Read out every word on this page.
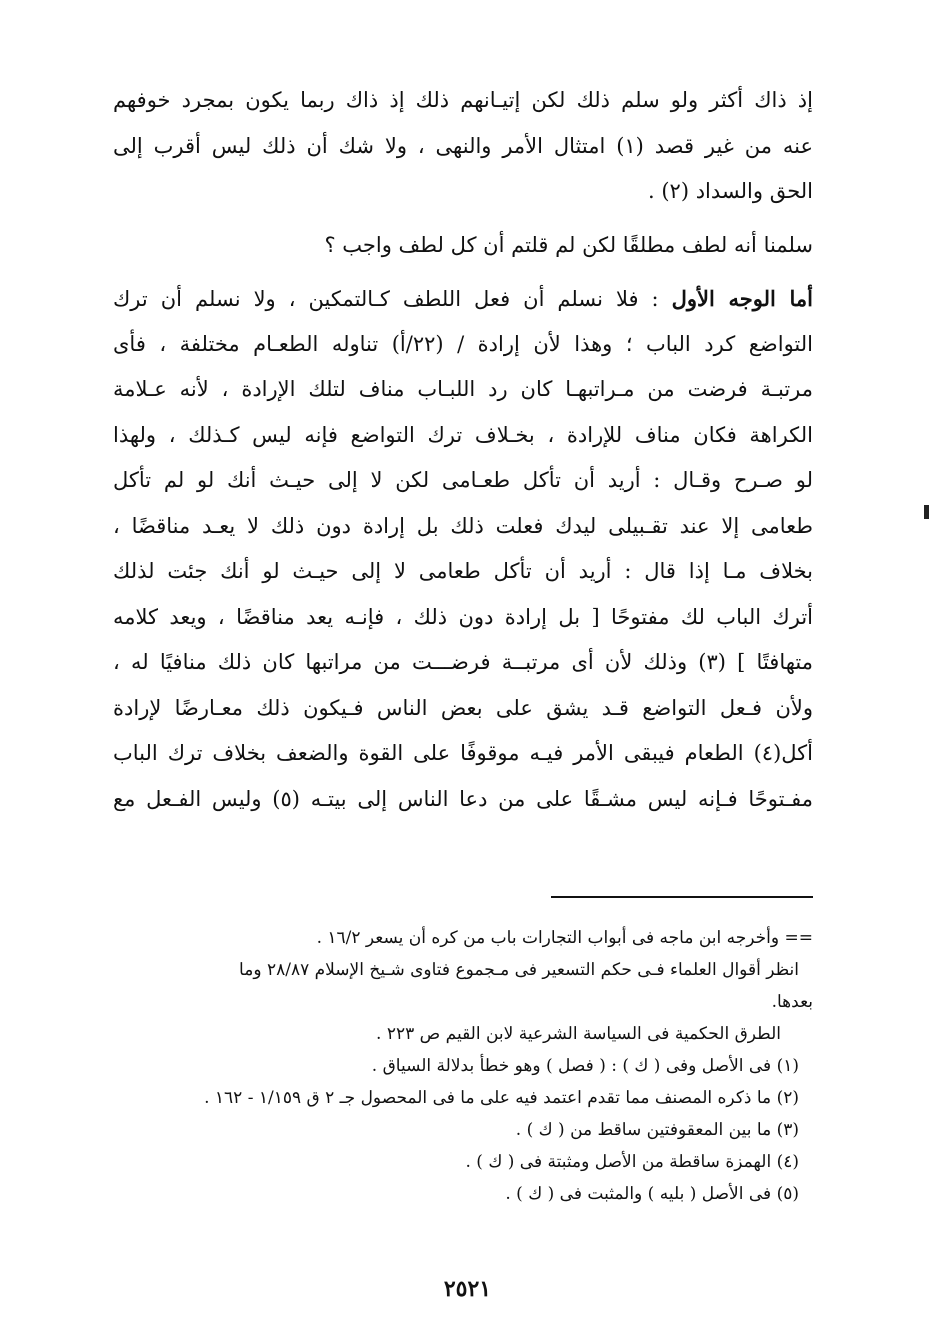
إذ ذاك أكثر ولو سلم ذلك لكن إتيـانهم ذلك إذ ذاك ربما يكون بمجرد خوفهم
عنه من غير قصد (١) امتثال الأمر والنهى ، ولا شك أن ذلك ليس أقرب إلى
الحق والسداد (٢) .
سلمنا أنه لطف مطلقًا لكن لم قلتم أن كل لطف واجب ؟
أما الوجه الأول : فلا نسلم أن فعل اللطف كـالتمكين ، ولا نسلم أن ترك
التواضع كرد الباب ؛ وهذا لأن إرادة / (٢٢/أ) تناوله الطعـام مختلفة ، فأى
مرتبـة فرضت من مـراتبهـا كان رد اللبـاب مناف لتلك الإرادة ، لأنه عـلامة
الكراهة فكان مناف للإرادة ، بخـلاف ترك التواضع فإنه ليس كـذلك ، ولهذا
لو صـرح وقـال : أريد أن تأكل طعـامى لكن لا إلى حيـث أنك لو لم تأكل
طعامى إلا عند تقـبيلى ليدك فعلت ذلك بل إرادة دون ذلك لا يعـد مناقضًا ،
بخلاف مـا إذا قال : أريد أن تأكل طعامى لا إلى حيـث لو أنك جئت لذلك
أترك الباب لك مفتوحًا [ بل إرادة دون ذلك ، فإنـه يعد مناقضًا ، ويعد كلامه
متهافتًا ] (٣) وذلك لأن أى مرتبــة فرضـــت من مراتبها كان ذلك منافيًا له ،
ولأن فـعل التواضع قـد يشق على بعض الناس فـيكون ذلك معـارضًا لإرادة
أكل(٤) الطعام فيبقى الأمر فيـه موقوفًا على القوة والضعف بخلاف ترك الباب
مفـتوحًا فـإنه ليس مشـقًا على من دعا الناس إلى بيتـه (٥) وليس الفـعل مع
== وأخرجه ابن ماجه فى أبواب التجارات باب من كره أن يسعر ١٦/٢ .
انظر أقوال العلماء فـى حكم التسعير فى مـجموع فتاوى شـيخ الإسلام ٢٨/٨٧ وما
بعدها.
الطرق الحكمية فى السياسة الشرعية لابن القيم ص ٢٢٣ .
(١) فى الأصل وفى ( ك ) : ( فصل ) وهو خطأ بدلالة السياق .
(٢) ما ذكره المصنف مما تقدم اعتمد فيه على ما فى المحصول جـ ٢ ق ١/١٥٩ - ١٦٢ .
(٣) ما بين المعقوفتين ساقط من ( ك ) .
(٤) الهمزة ساقطة من الأصل ومثبتة فى ( ك ) .
(٥) فى الأصل ( بليه ) والمثبت فى ( ك ) .
٢٥٢١
